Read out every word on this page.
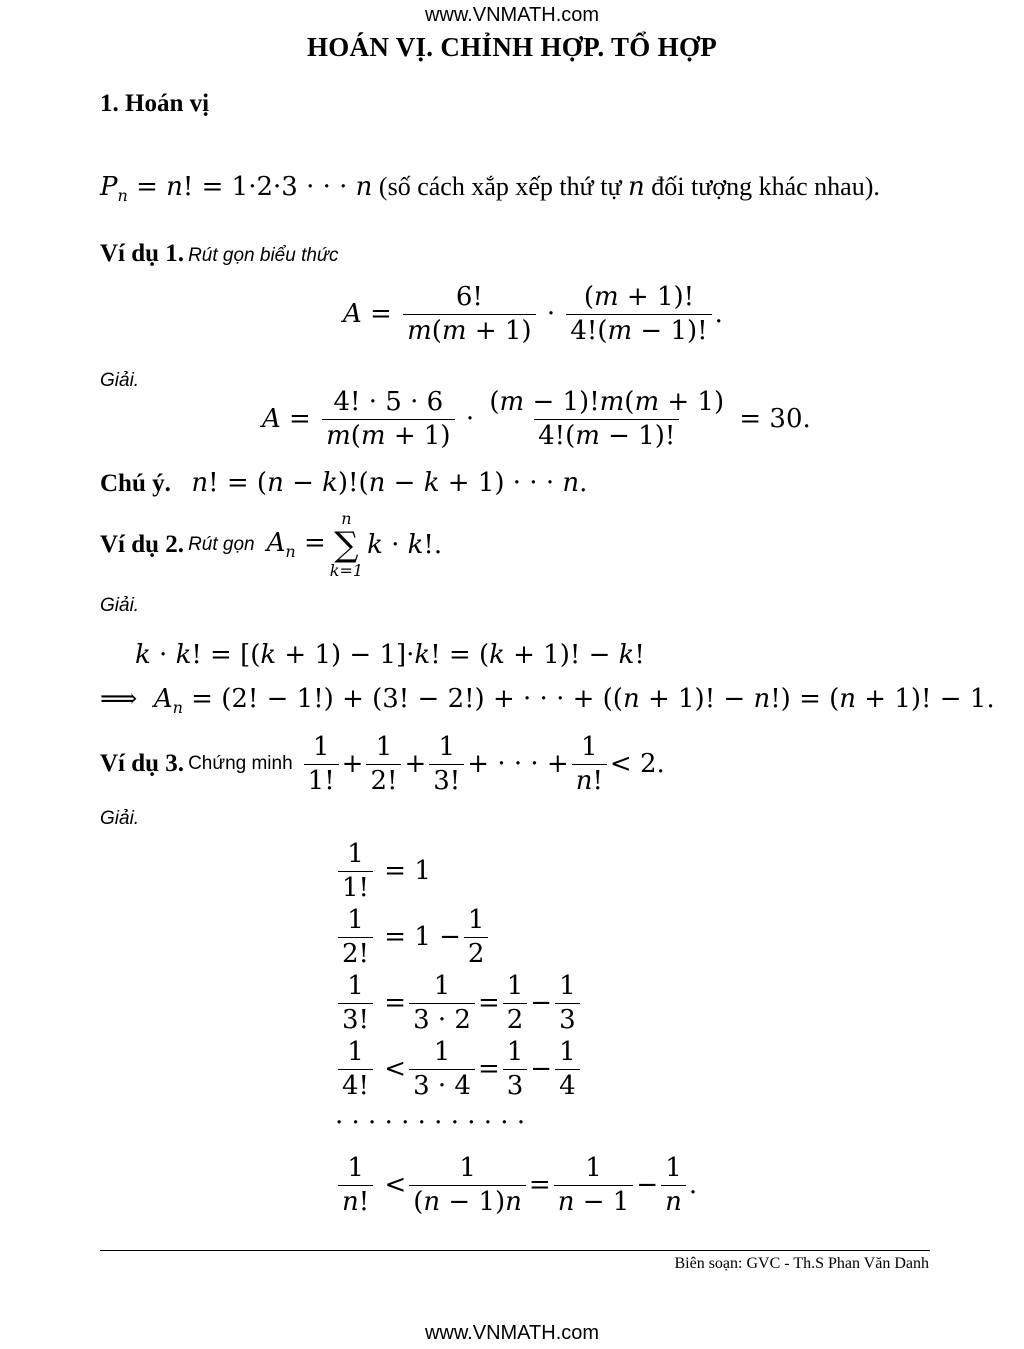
www.VNMATH.com
HOÁN VỊ. CHỈNH HỢP. TỔ HỢP
1. Hoán vị
$P_n = n$! = 1·2·3 · · · n (số cách xắp xếp thứ tự n đối tượng khác nhau).
Ví dụ 1. Rút gọn biểu thức
$A = \frac{6!}{m(m + 1)} \cdot \frac{(m + 1)!}{4!(m - 1)!}$ .
Giải.
$A = \frac{4! \cdot 5 \cdot 6}{m(m + 1)} \cdot \frac{(m - 1)!m(m + 1)}{4!(m - 1)!}$
= 30.
Chú ý. n! = (n − k)!(n − k + 1) · · · n.
Ví dụ 2.
Rút gọn
$A_n$ =
n
∑
k=1
k · k!.
Giải.
k · k! = [(k + 1) − 1]·k! = (k + 1)! − k!
⟹  $A_n = (2$! − 1!) + (3! − 2!) + · · · + ((n + 1)! − n!) = (n + 1)! − 1.
Ví dụ 3.
Chứng minh
$\frac{1}{1!} + \frac{1}{2!} + \frac{1}{3!}$ + · · · + $\frac{1}{n!} < 2$.
Giải.
$\frac{1}{1!} = 1$
$\frac{1}{2!} = 1 - \frac{1}{2}$
$\frac{1}{3!} = \frac{1}{3 \cdot 2} = \frac{1}{2} - \frac{1}{3}$
$\frac{1}{4!} < \frac{1}{3 \cdot 4} = \frac{1}{3} - \frac{1}{4}$
· · · · · · · · · · · ·
$\frac{1}{n!} < \frac{1}{(n - 1)n} = \frac{1}{n - 1} - \frac{1}{n}$ .
Biên soạn: GVC - Th.S Phan Văn Danh
www.VNMATH.com
